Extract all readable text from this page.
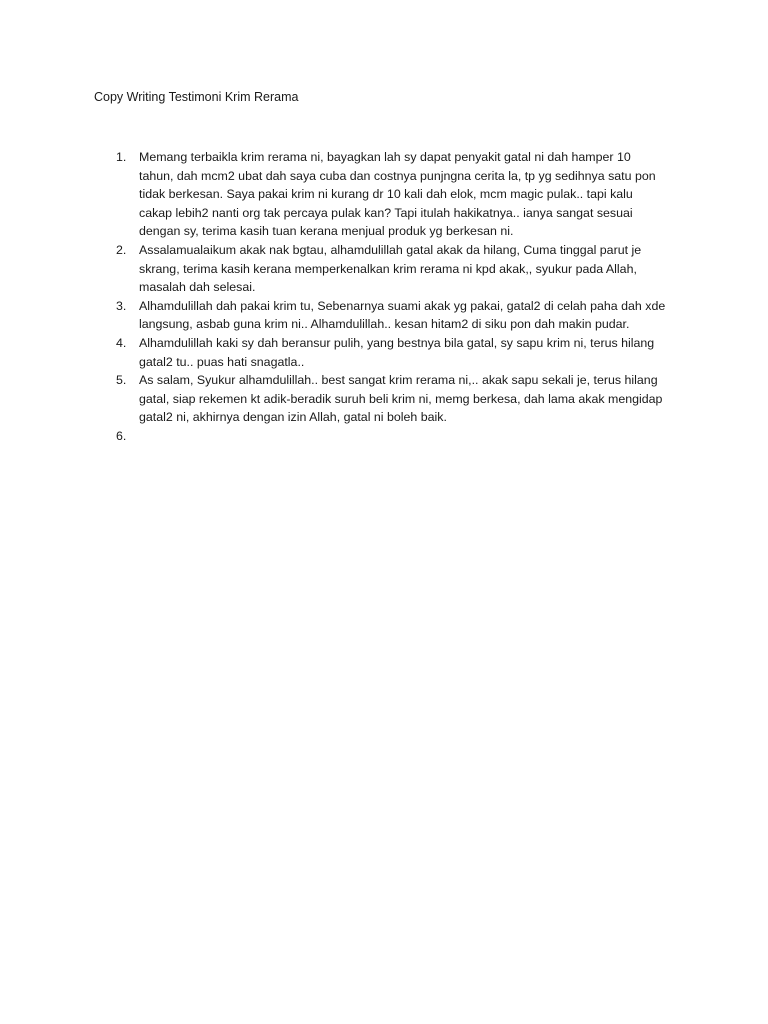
Copy Writing Testimoni Krim Rerama
1.	Memang terbaikla krim rerama ni, bayagkan lah sy dapat penyakit gatal ni dah hamper 10 tahun, dah mcm2 ubat dah saya cuba dan costnya punjngna cerita la, tp yg sedihnya satu pon tidak berkesan. Saya pakai krim ni kurang dr 10 kali dah elok, mcm magic pulak.. tapi kalu cakap lebih2 nanti org tak percaya pulak kan? Tapi itulah hakikatnya.. ianya sangat sesuai dengan sy, terima kasih tuan kerana menjual produk yg berkesan ni.
2.	Assalamualaikum akak nak bgtau, alhamdulillah gatal akak da hilang, Cuma tinggal parut je skrang, terima kasih kerana memperkenalkan krim rerama ni kpd akak,, syukur pada Allah, masalah dah selesai.
3.	Alhamdulillah dah pakai krim tu, Sebenarnya suami akak yg pakai, gatal2 di celah paha dah xde langsung, asbab guna krim ni.. Alhamdulillah.. kesan hitam2 di siku pon dah makin pudar.
4.	Alhamdulillah kaki sy dah beransur pulih, yang bestnya bila gatal, sy sapu krim ni, terus hilang gatal2 tu.. puas hati snagatla..
5.	As salam, Syukur alhamdulillah.. best sangat krim rerama ni,.. akak sapu sekali je, terus hilang gatal, siap rekemen kt adik-beradik suruh beli krim ni, memg berkesa, dah lama akak mengidap gatal2 ni, akhirnya dengan izin Allah, gatal ni boleh baik.
6.
